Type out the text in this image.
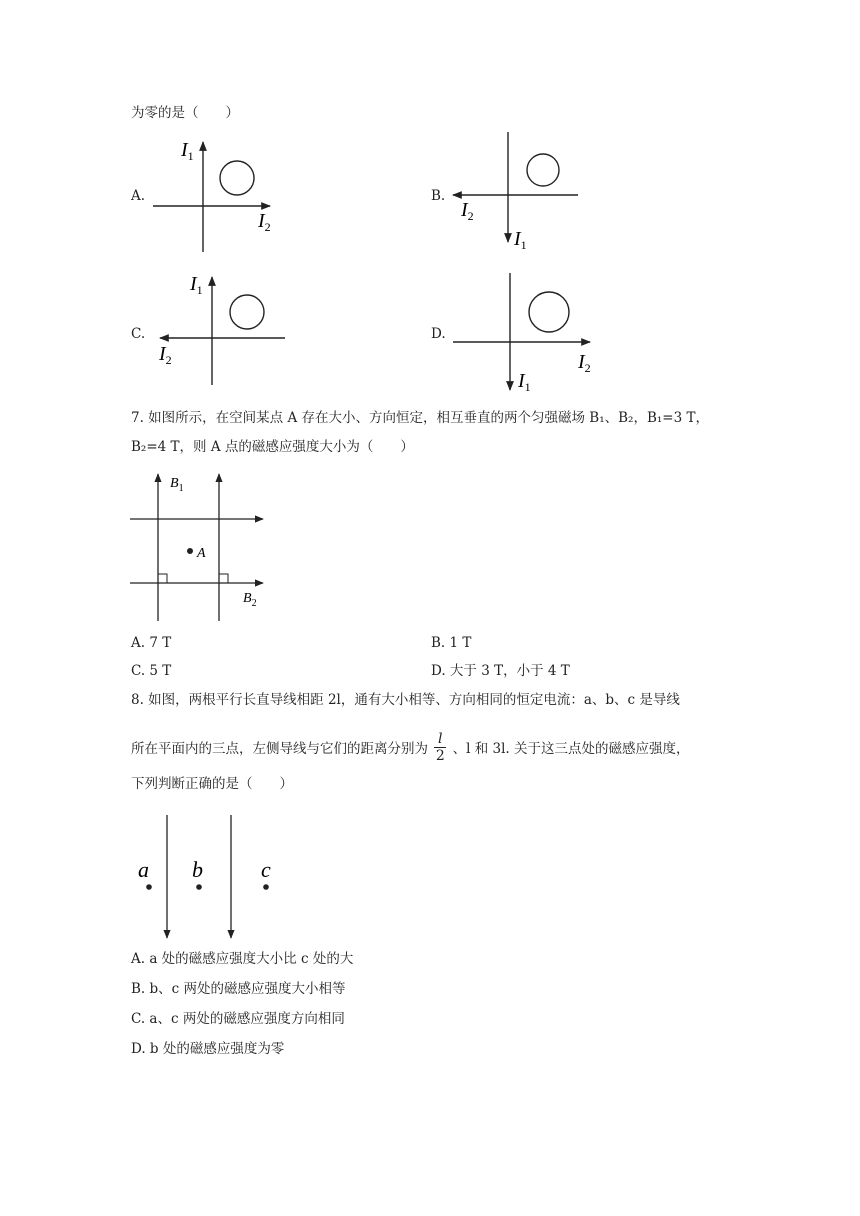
为零的是（　　）
A.
$I_1$
$I_2$
B.
$I_2$
$I_1$
C.
$I_1$
$I_2$
D.
$I_2$
$I_1$
7. 如图所示，在空间某点 A 存在大小、方向恒定，相互垂直的两个匀强磁场 B₁、B₂，B₁=3 T，
B₂=4 T，则 A 点的磁感应强度大小为（　　）
A
$B_1$
$B_2$
A. 7 T	B. 1 T
C. 5 T	D. 大于 3 T，小于 4 T
8. 如图，两根平行长直导线相距 2l，通有大小相等、方向相同的恒定电流：a、b、c 是导线
所在平面内的三点，左侧导线与它们的距离分别为 $\frac{l}{2}$ 、l 和 3l. 关于这三点处的磁感应强度，
下列判断正确的是（　　）
a b	c
A. a 处的磁感应强度大小比 c 处的大
B. b、c 两处的磁感应强度大小相等
C. a、c 两处的磁感应强度方向相同
D. b 处的磁感应强度为零
